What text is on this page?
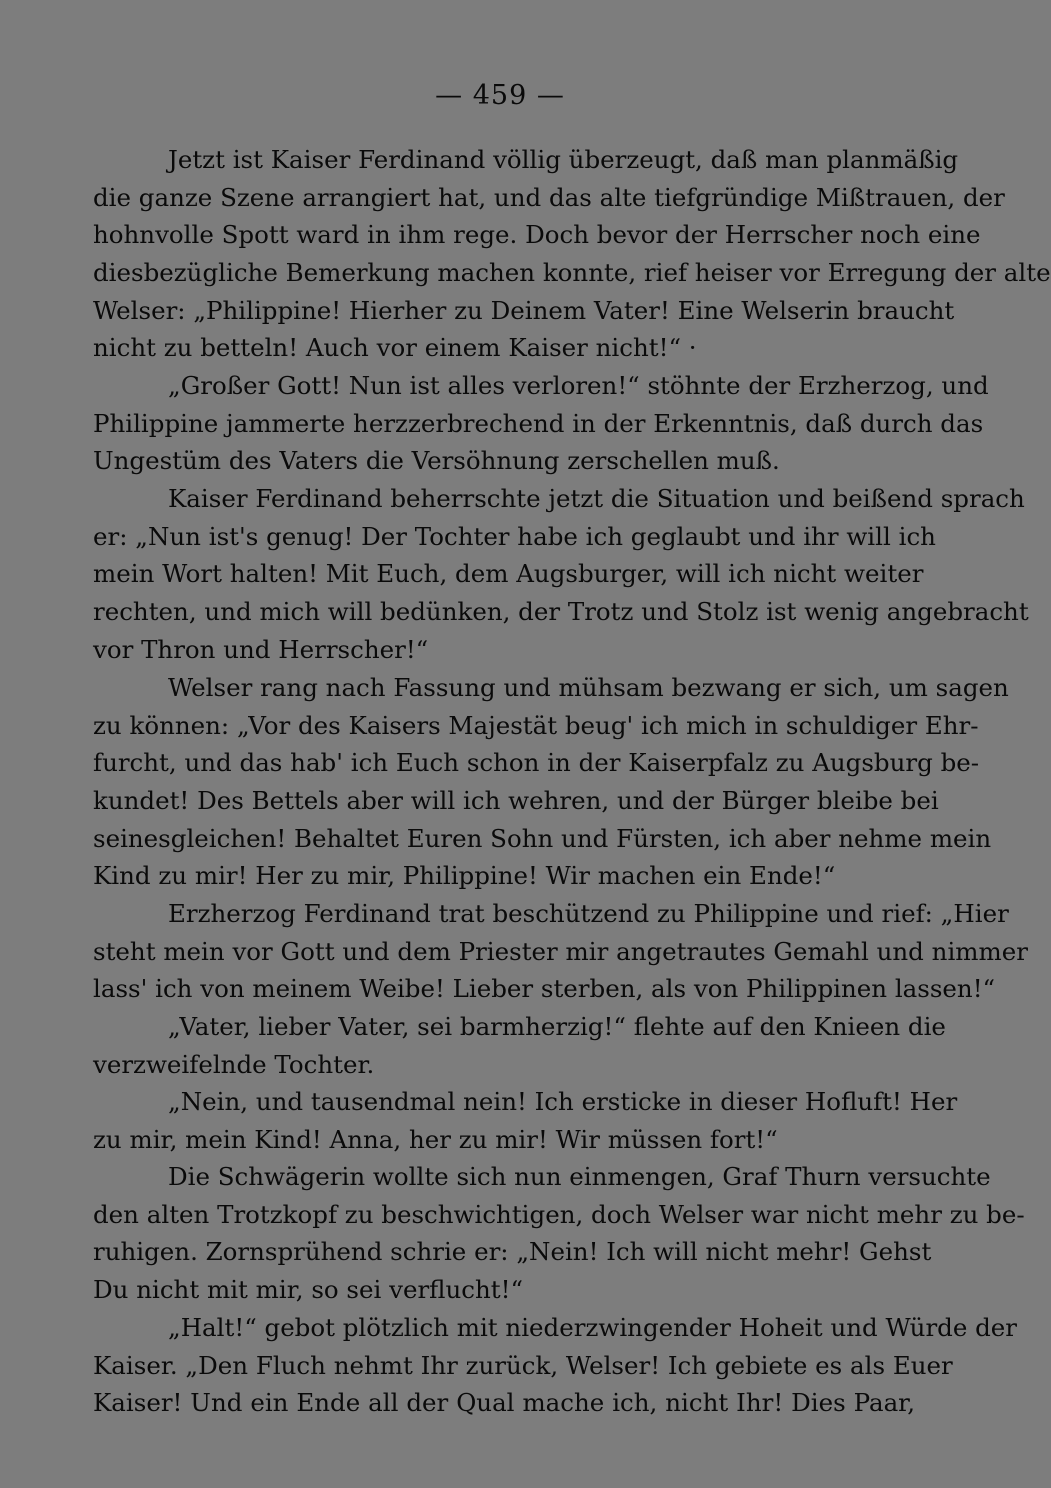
— 459 —
Jetzt ist Kaiser Ferdinand völlig überzeugt, daß man planmäßig
die ganze Szene arrangiert hat, und das alte tiefgründige Mißtrauen, der
hohnvolle Spott ward in ihm rege. Doch bevor der Herrscher noch eine
diesbezügliche Bemerkung machen konnte, rief heiser vor Erregung der alte
Welser: „Philippine! Hierher zu Deinem Vater! Eine Welserin braucht
nicht zu betteln! Auch vor einem Kaiser nicht!“ ·
„Großer Gott! Nun ist alles verloren!“ stöhnte der Erzherzog, und
Philippine jammerte herzzerbrechend in der Erkenntnis, daß durch das
Ungestüm des Vaters die Versöhnung zerschellen muß.
Kaiser Ferdinand beherrschte jetzt die Situation und beißend sprach
er: „Nun ist's genug! Der Tochter habe ich geglaubt und ihr will ich
mein Wort halten! Mit Euch, dem Augsburger, will ich nicht weiter
rechten, und mich will bedünken, der Trotz und Stolz ist wenig angebracht
vor Thron und Herrscher!“
Welser rang nach Fassung und mühsam bezwang er sich, um sagen
zu können: „Vor des Kaisers Majestät beug' ich mich in schuldiger Ehr-
furcht, und das hab' ich Euch schon in der Kaiserpfalz zu Augsburg be-
kundet! Des Bettels aber will ich wehren, und der Bürger bleibe bei
seinesgleichen! Behaltet Euren Sohn und Fürsten, ich aber nehme mein
Kind zu mir! Her zu mir, Philippine! Wir machen ein Ende!“
Erzherzog Ferdinand trat beschützend zu Philippine und rief: „Hier
steht mein vor Gott und dem Priester mir angetrautes Gemahl und nimmer
lass' ich von meinem Weibe! Lieber sterben, als von Philippinen lassen!“
„Vater, lieber Vater, sei barmherzig!“ flehte auf den Knieen die
verzweifelnde Tochter.
„Nein, und tausendmal nein! Ich ersticke in dieser Hofluft! Her
zu mir, mein Kind! Anna, her zu mir! Wir müssen fort!“
Die Schwägerin wollte sich nun einmengen, Graf Thurn versuchte
den alten Trotzkopf zu beschwichtigen, doch Welser war nicht mehr zu be-
ruhigen. Zornsprühend schrie er: „Nein! Ich will nicht mehr! Gehst
Du nicht mit mir, so sei verflucht!“
„Halt!“ gebot plötzlich mit niederzwingender Hoheit und Würde der
Kaiser. „Den Fluch nehmt Ihr zurück, Welser! Ich gebiete es als Euer
Kaiser! Und ein Ende all der Qual mache ich, nicht Ihr! Dies Paar,
